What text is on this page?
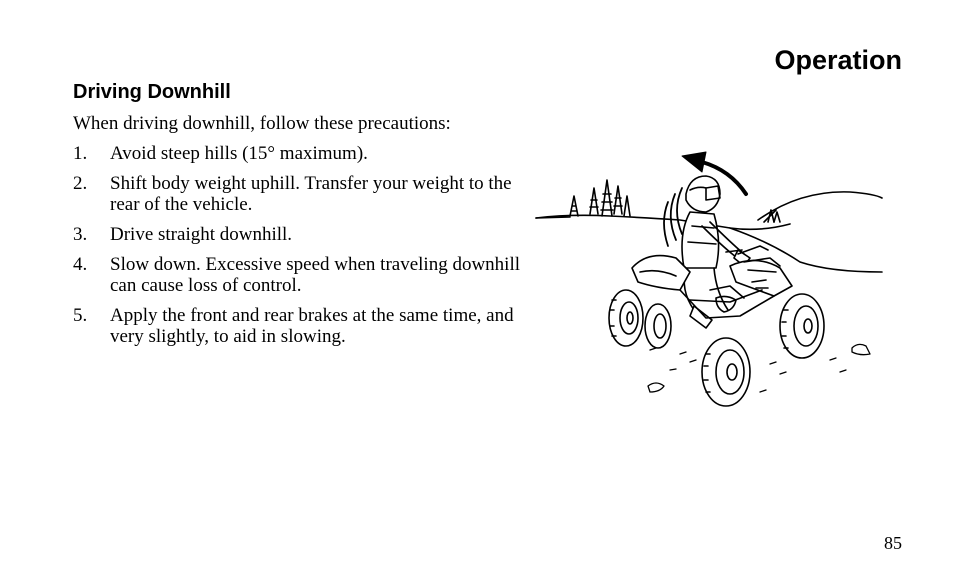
Operation
Driving Downhill

When driving downhill, follow these precautions:

1. Avoid steep hills (15° maximum).
2. Shift body weight uphill. Transfer your weight to the rear of the vehicle.
3. Drive straight downhill.
4. Slow down. Excessive speed when traveling downhill can cause loss of control.
5. Apply the front and rear brakes at the same time, and very slightly, to aid in slowing.
85
